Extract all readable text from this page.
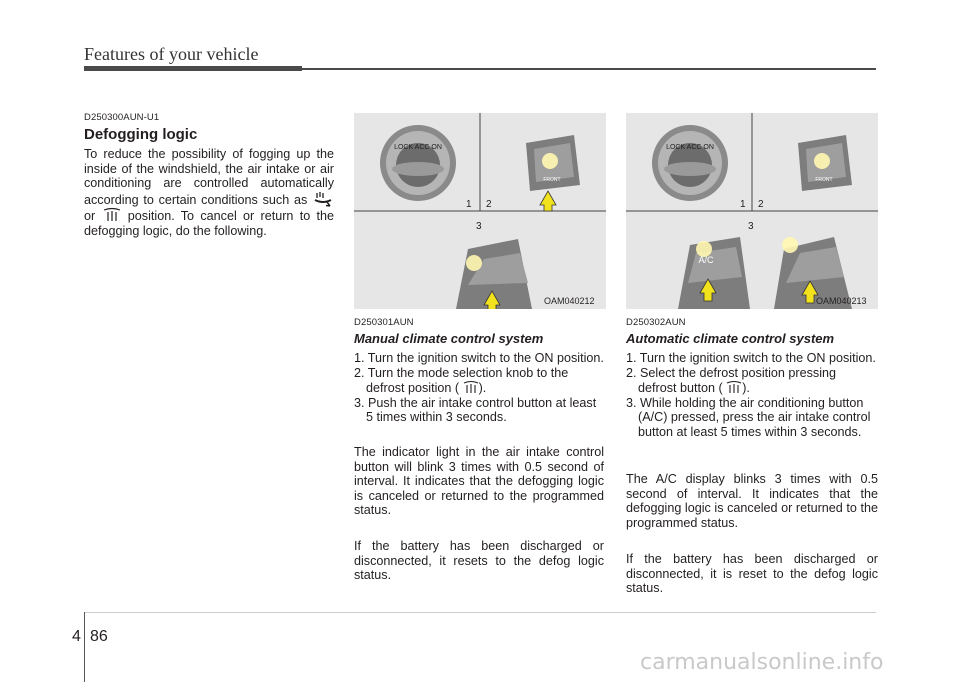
Features of your vehicle
D250300AUN-U1
Defogging logic
To reduce the possibility of fogging up the inside of the windshield, the air intake or air conditioning are controlled automatically according to certain conditions such as  or	position. To cancel or return to the defogging logic, do the following.
LOCK ACC ON
FRONT
1 2
3
OAM040212
LOCK ACC ON
FRONT
1 2
3
A/C
OAM040213
D250301AUN
Manual climate control system
1. Turn the ignition switch to the ON position.
2. Turn the mode selection knob to the defrost position ( ).
3. Push the air intake control button at least 5 times within 3 seconds.
The indicator light in the air intake control button will blink 3 times with 0.5 second of interval. It indicates that the defogging logic is canceled or returned to the programmed status.
If the battery has been discharged or disconnected, it resets to the defog logic status.
D250302AUN
Automatic climate control system
1. Turn the ignition switch to the ON position.
2. Select the defrost position pressing defrost button ( ).
3. While holding the air conditioning button (A/C) pressed, press the air intake control button at least 5 times within 3 seconds.
The A/C display blinks 3 times with 0.5 second of interval. It indicates that the defogging logic is canceled or returned to the programmed status.
If the battery has been discharged or disconnected, it is reset to the defog logic status.
4 86
carmanualsonline.info
